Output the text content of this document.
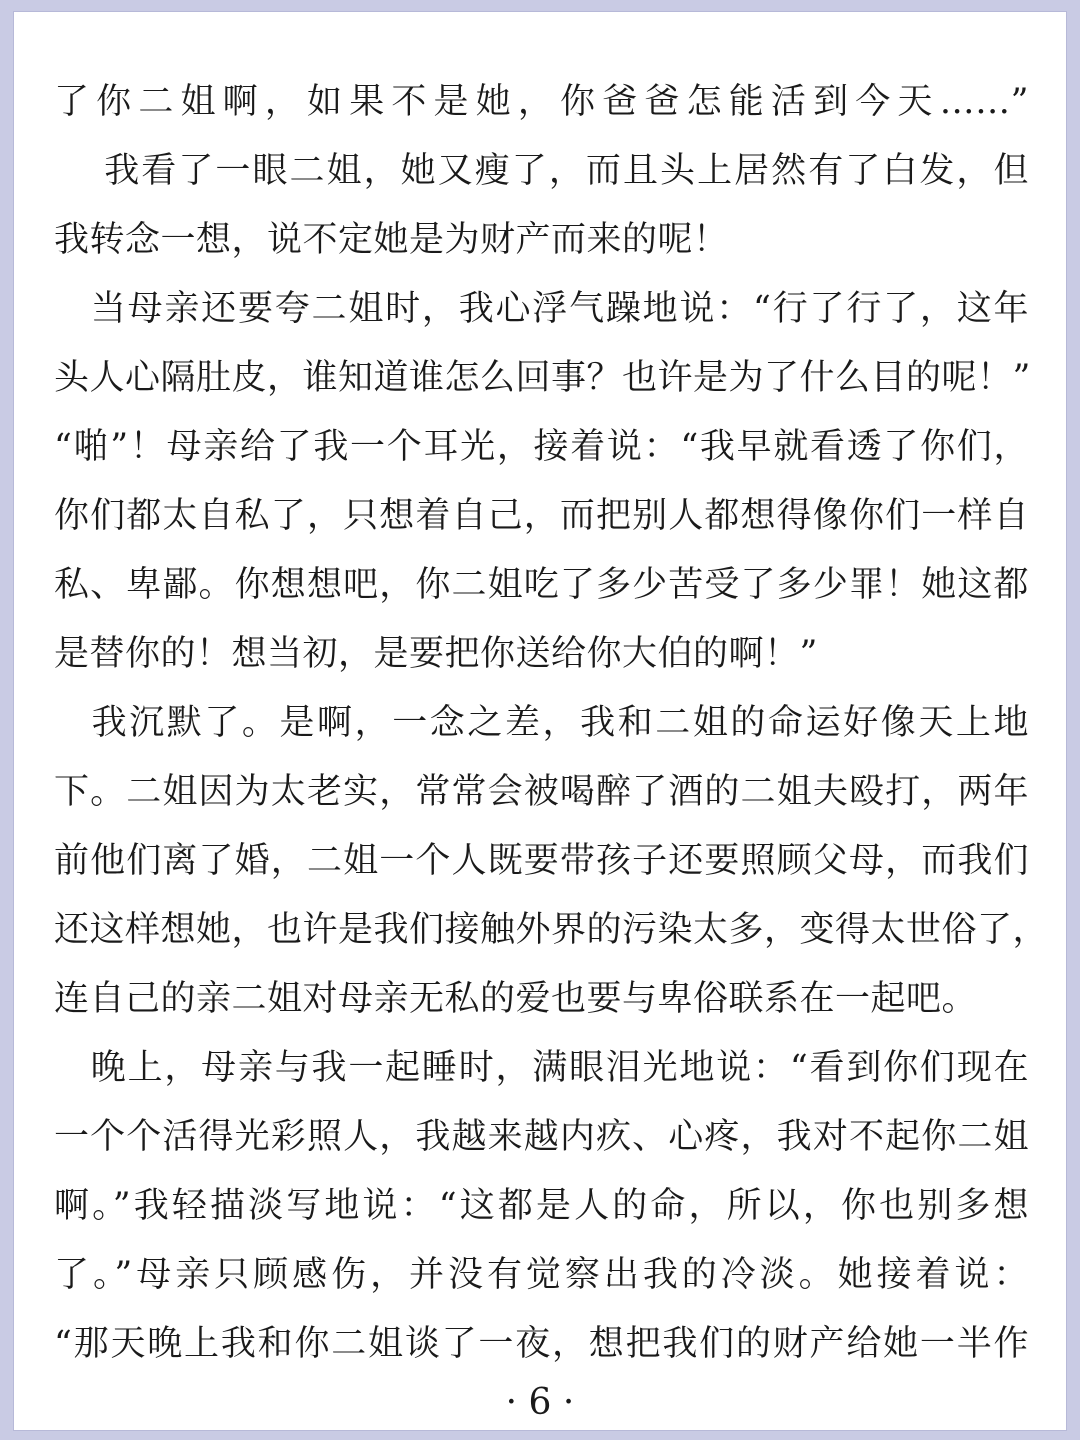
了你二姐啊，如果不是她，你爸爸怎能活到今天……”
　 我看了一眼二姐，她又瘦了，而且头上居然有了白发，但
我转念一想，说不定她是为财产而来的呢！
　当母亲还要夸二姐时，我心浮气躁地说：“行了行了，这年
头人心隔肚皮，谁知道谁怎么回事？也许是为了什么目的呢！”
“啪”！母亲给了我一个耳光，接着说：“我早就看透了你们，
你们都太自私了，只想着自己，而把别人都想得像你们一样自
私、卑鄙。你想想吧，你二姐吃了多少苦受了多少罪！她这都
是替你的！想当初，是要把你送给你大伯的啊！”
　我沉默了。是啊，一念之差，我和二姐的命运好像天上地
下。二姐因为太老实，常常会被喝醉了酒的二姐夫殴打，两年
前他们离了婚，二姐一个人既要带孩子还要照顾父母，而我们
还这样想她，也许是我们接触外界的污染太多，变得太世俗了，
连自己的亲二姐对母亲无私的爱也要与卑俗联系在一起吧。
　晚上，母亲与我一起睡时，满眼泪光地说：“看到你们现在
一个个活得光彩照人，我越来越内疚、心疼，我对不起你二姐
啊。”我轻描淡写地说：“这都是人的命，所以，你也别多想
了。”母亲只顾感伤，并没有觉察出我的冷淡。她接着说：
“那天晚上我和你二姐谈了一夜，想把我们的财产给她一半作
· 6 ·
